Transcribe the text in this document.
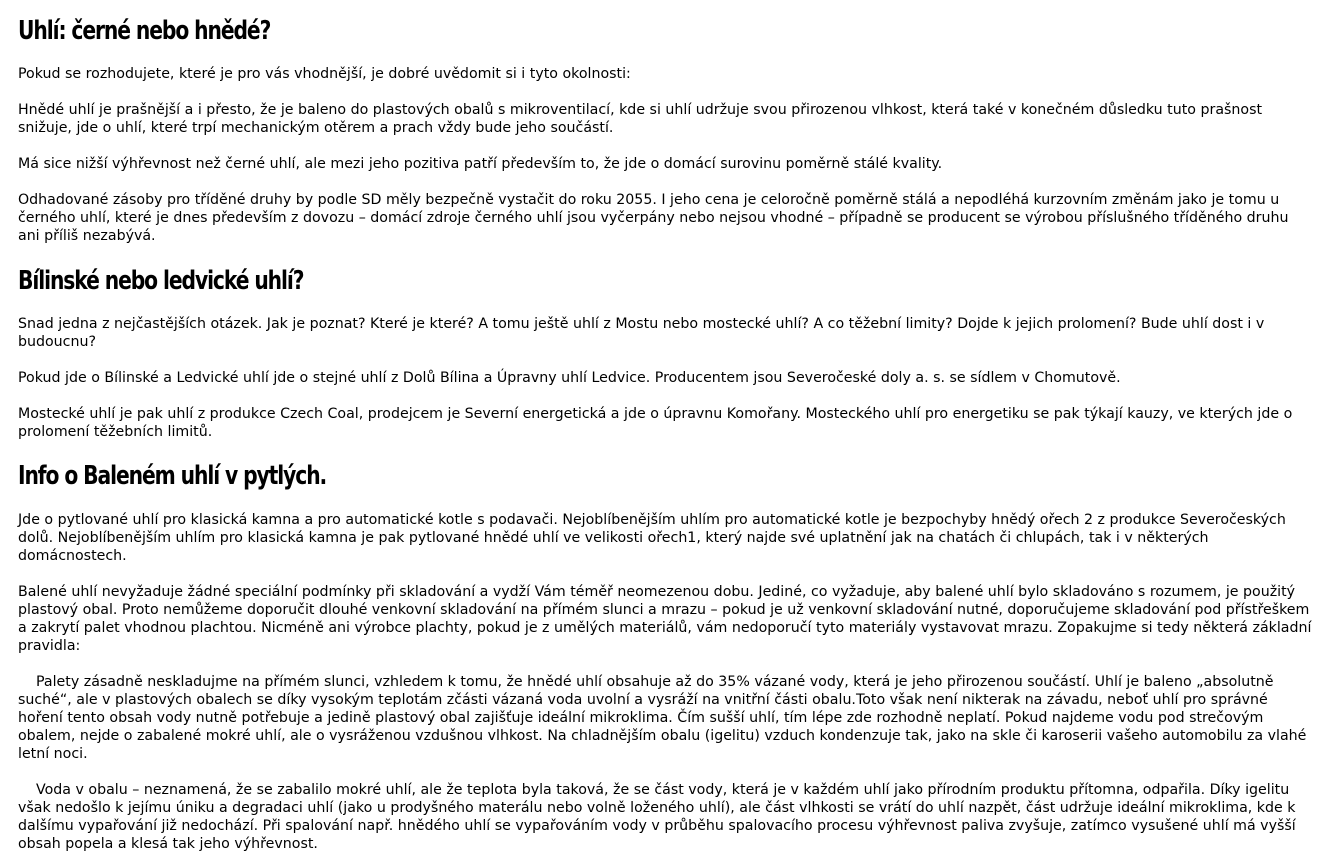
Uhlí: černé nebo hnědé?

Pokud se rozhodujete, které je pro vás vhodnější, je dobré uvědomit si i tyto okolnosti:

Hnědé uhlí je prašnější a i přesto, že je baleno do plastových obalů s mikroventilací, kde si uhlí udržuje svou přirozenou vlhkost, která také v konečném důsledku tuto prašnost snižuje, jde o uhlí, které trpí mechanickým otěrem a prach vždy bude jeho součástí.

Má sice nižší výhřevnost než černé uhlí, ale mezi jeho pozitiva patří především to, že jde o domácí surovinu poměrně stálé kvality.

Odhadované zásoby pro tříděné druhy by podle SD měly bezpečně vystačit do roku 2055. I jeho cena je celoročně poměrně stálá a nepodléhá kurzovním změnám jako je tomu u černého uhlí, které je dnes především z dovozu – domácí zdroje černého uhlí jsou vyčerpány nebo nejsou vhodné – případně se producent se výrobou příslušného tříděného druhu ani příliš nezabývá.

Bílinské nebo ledvické uhlí?

Snad jedna z nejčastějších otázek. Jak je poznat? Které je které? A tomu ještě uhlí z Mostu nebo mostecké uhlí? A co těžební limity? Dojde k jejich prolomení? Bude uhlí dost i v budoucnu?

Pokud jde o Bílinské a Ledvické uhlí jde o stejné uhlí z Dolů Bílina a Úpravny uhlí Ledvice. Producentem jsou Severočeské doly a. s. se sídlem v Chomutově.

Mostecké uhlí je pak uhlí z produkce Czech Coal, prodejcem je Severní energetická a jde o úpravnu Komořany. Mosteckého uhlí pro energetiku se pak týkají kauzy, ve kterých jde o prolomení těžebních limitů.

Info o Baleném uhlí v pytlých.

Jde o pytlované uhlí pro klasická kamna a pro automatické kotle s podavači. Nejoblíbenějším uhlím pro automatické kotle je bezpochyby hnědý ořech 2 z produkce Severočeských dolů. Nejoblíbenějším uhlím pro klasická kamna je pak pytlované hnědé uhlí ve velikosti ořech1, který najde své uplatnění jak na chatách či chlupách, tak i v některých domácnostech.

Balené uhlí nevyžaduje žádné speciální podmínky při skladování a vydží Vám téměř neomezenou dobu. Jediné, co vyžaduje, aby balené uhlí bylo skladováno s rozumem, je použitý plastový obal. Proto nemůžeme doporučit dlouhé venkovní skladování na přímém slunci a mrazu – pokud je už venkovní skladování nutné, doporučujeme skladování pod přístřeškem a zakrytí palet vhodnou plachtou. Nicméně ani výrobce plachty, pokud je z umělých materiálů, vám nedoporučí tyto materiály vystavovat mrazu. Zopakujme si tedy některá základní pravidla:

Palety zásadně neskladujme na přímém slunci, vzhledem k tomu, že hnědé uhlí obsahuje až do 35% vázané vody, která je jeho přirozenou součástí. Uhlí je baleno „absolutně suché“, ale v plastových obalech se díky vysokým teplotám zčásti vázaná voda uvolní a vysráží na vnitřní části obalu.Toto však není nikterak na závadu, neboť uhlí pro správné hoření tento obsah vody nutně potřebuje a jedině plastový obal zajišťuje ideální mikroklima. Čím sušší uhlí, tím lépe zde rozhodně neplatí. Pokud najdeme vodu pod strečovým obalem, nejde o zabalené mokré uhlí, ale o vysráženou vzdušnou vlhkost. Na chladnějším obalu (igelitu) vzduch kondenzuje tak, jako na skle či karoserii vašeho automobilu za vlahé letní noci.

Voda v obalu – neznamená, že se zabalilo mokré uhlí, ale že teplota byla taková, že se část vody, která je v každém uhlí jako přírodním produktu přítomna, odpařila. Díky igelitu však nedošlo k jejímu úniku a degradaci uhlí (jako u prodyšného materálu nebo volně loženého uhlí), ale část vlhkosti se vrátí do uhlí nazpět, část udržuje ideální mikroklima, kde k dalšímu vypařování již nedochází. Při spalování např. hnědého uhlí se vypařováním vody v průběhu spalovacího procesu výhřevnost paliva zvyšuje, zatímco vysušené uhlí má vyšší obsah popela a klesá tak jeho výhřevnost.
